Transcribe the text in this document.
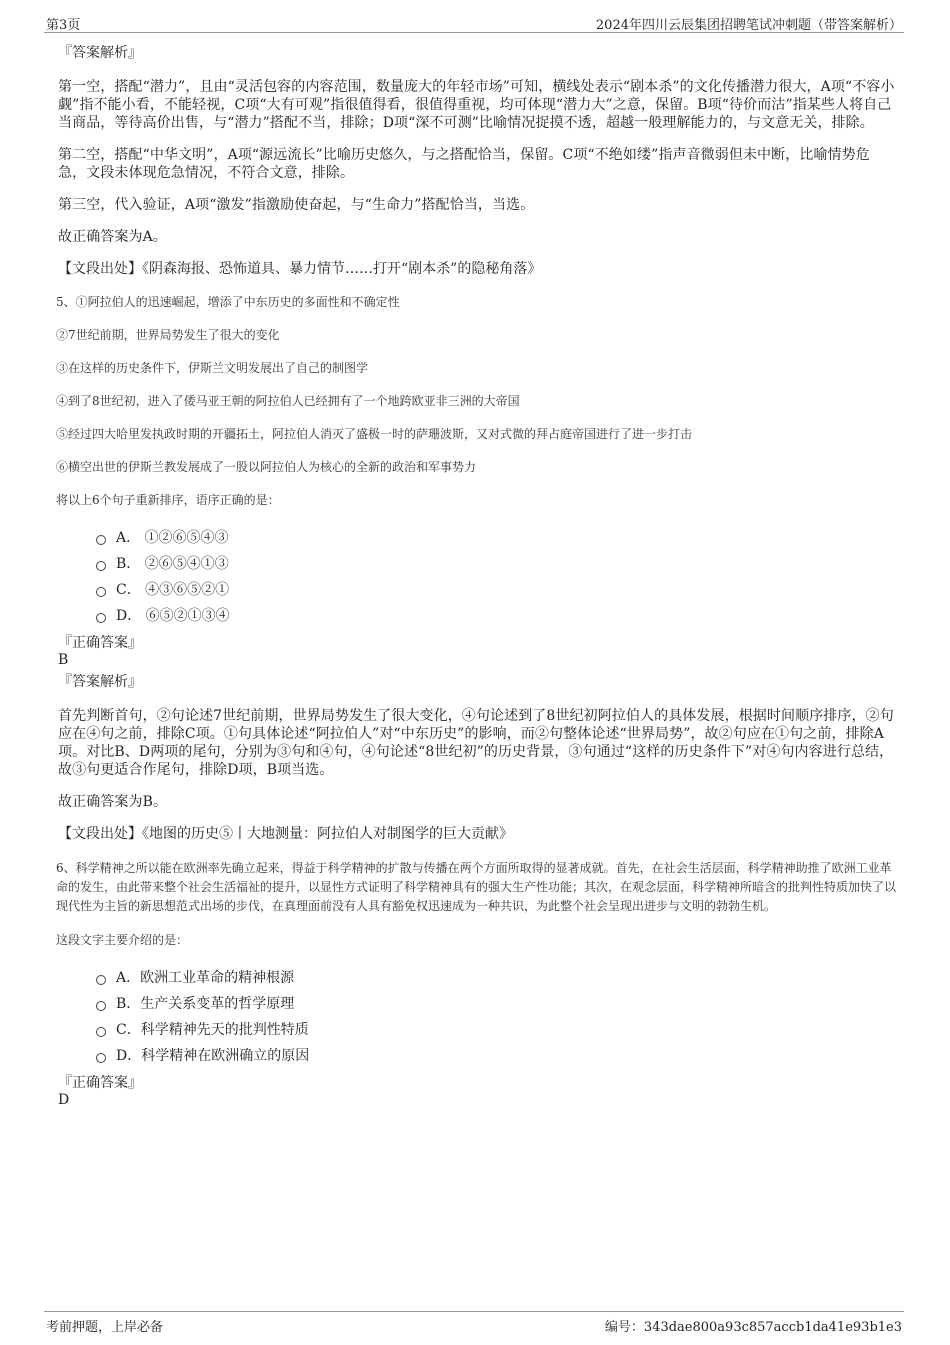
第3页	2024年四川云辰集团招聘笔试冲刺题（带答案解析）
『答案解析』

第一空，搭配“潜力”，且由“灵活包容的内容范围，数量庞大的年轻市场”可知，横线处表示“剧本杀”的文化传播潜力很大，A项“不容小觑”指不能小看，不能轻视，C项“大有可观”指很值得看，很值得重视，均可体现“潜力大”之意，保留。B项“待价而沽”指某些人将自己当商品，等待高价出售，与“潜力”搭配不当，排除；D项“深不可测”比喻情况捉摸不透，超越一般理解能力的，与文意无关，排除。

第二空，搭配“中华文明”，A项“源远流长”比喻历史悠久，与之搭配恰当，保留。C项“不绝如缕”指声音微弱但未中断，比喻情势危急，文段未体现危急情况，不符合文意，排除。

第三空，代入验证，A项“激发”指激励使奋起，与“生命力”搭配恰当，当选。

故正确答案为A。

【文段出处】《阴森海报、恐怖道具、暴力情节……打开“剧本杀”的隐秘角落》

5、①阿拉伯人的迅速崛起，增添了中东历史的多面性和不确定性

②7世纪前期，世界局势发生了很大的变化

③在这样的历史条件下，伊斯兰文明发展出了自己的制图学

④到了8世纪初，进入了倭马亚王朝的阿拉伯人已经拥有了一个地跨欧亚非三洲的大帝国

⑤经过四大哈里发执政时期的开疆拓土，阿拉伯人消灭了盛极一时的萨珊波斯，又对式微的拜占庭帝国进行了进一步打击

⑥横空出世的伊斯兰教发展成了一股以阿拉伯人为核心的全新的政治和军事势力

将以上6个句子重新排序，语序正确的是：

A． ①②⑥⑤④③
B． ②⑥⑤④①③
C． ④③⑥⑤②①
D． ⑥⑤②①③④
『正确答案』
B
『答案解析』

首先判断首句，②句论述7世纪前期，世界局势发生了很大变化，④句论述到了8世纪初阿拉伯人的具体发展，根据时间顺序排序，②句应在④句之前，排除C项。①句具体论述“阿拉伯人”对“中东历史”的影响，而②句整体论述“世界局势”，故②句应在①句之前，排除A项。对比B、D两项的尾句，分别为③句和④句，④句论述“8世纪初”的历史背景，③句通过“这样的历史条件下”对④句内容进行总结，故③句更适合作尾句，排除D项，B项当选。

故正确答案为B。

【文段出处】《地图的历史⑤丨大地测量：阿拉伯人对制图学的巨大贡献》

6、科学精神之所以能在欧洲率先确立起来，得益于科学精神的扩散与传播在两个方面所取得的显著成就。首先，在社会生活层面，科学精神助推了欧洲工业革命的发生，由此带来整个社会生活福祉的提升，以显性方式证明了科学精神具有的强大生产性功能；其次，在观念层面，科学精神所暗含的批判性特质加快了以现代性为主旨的新思想范式出场的步伐，在真理面前没有人具有豁免权迅速成为一种共识，为此整个社会呈现出进步与文明的勃勃生机。

这段文字主要介绍的是：

A．欧洲工业革命的精神根源
B．生产关系变革的哲学原理
C．科学精神先天的批判性特质
D．科学精神在欧洲确立的原因
『正确答案』
D
考前押题，上岸必备	编号：343dae800a93c857accb1da41e93b1e3
